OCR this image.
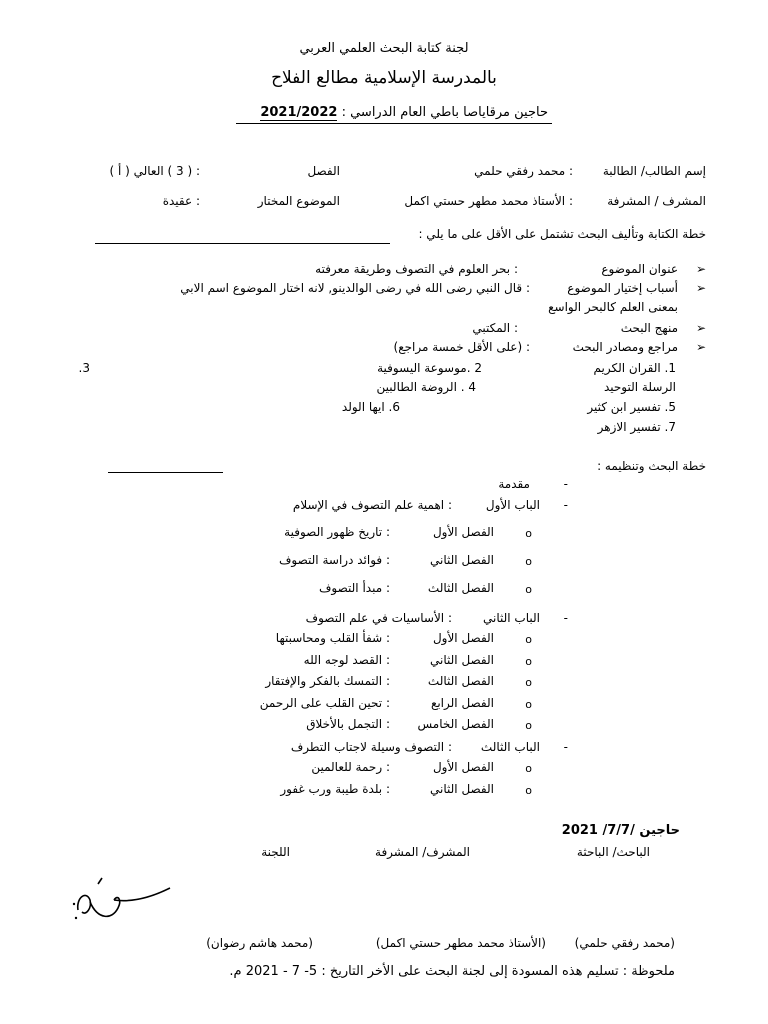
لجنة كتابة البحث العلمي العربي
بالمدرسة الإسلامية مطالع الفلاح
حاجين مرقاياصا باطي العام الدراسي : 2021/2022
إسم الطالب/ الطالبة
: محمد رفقي حلمي
الفصل
: ( 3 ) العالي ( أ )
المشرف / المشرفة
: الأستاذ محمد مطهر حستي اكمل
الموضوع المختار
: عقيدة
خطة الكتابة وتأليف البحث تشتمل على الأقل على ما يلي :
➢
عنوان الموضوع
: بحر العلوم في التصوف وطريقة معرفته
➢
أسباب إختيار الموضوع
: قال النبي رضى الله في رضى الوالدينو, لانه اختار الموضوع اسم الابي
بمعنى العلم كالبحر الواسع
➢
منهج البحث
: المكتبي
➢
مراجع ومصادر البحث
: (على الأقل خمسة مراجع)
1. القران الكريم
2 .موسوعة اليسوفية
3.
الرسلة التوحيد
4 . الروضة الطالبين
5. تفسير ابن كثير
6. ايها الولد
7. تفسير الازهر
خطة البحث وتنظيمه :
-
مقدمة
-
الباب الأول
: اهمية علم التصوف في الإسلام
o
الفصل الأول
: تاريخ ظهور الصوفية
o
الفصل الثاني
: فوائد دراسة التصوف
o
الفصل الثالث
: مبدأ التصوف
-
الباب الثاني
: الأساسيات في علم التصوف
o
الفصل الأول
: شفأ القلب ومحاسبتها
o
الفصل الثاني
: القصد لوجه الله
o
الفصل الثالث
: التمسك بالفكر والإفتقار
o
الفصل الرابع
: تحين القلب على الرحمن
o
الفصل الخامس
: التجمل بالأخلاق
-
الباب الثالث
: التصوف وسيلة لاجتاب التطرف
o
الفصل الأول
: رحمة للعالمين
o
الفصل الثاني
: بلدة طيبة ورب غفور
حاجين /7/7/ 2021
الباحث/ الباحثة
المشرف/ المشرفة
اللجنة
(محمد رفقي حلمي)
(الأستاذ محمد مطهر حستي اكمل)
(محمد هاشم رضوان)
ملحوظة : تسليم هذه المسودة إلى لجنة البحث على الأخر التاريخ : 5- 7 - 2021 م.
